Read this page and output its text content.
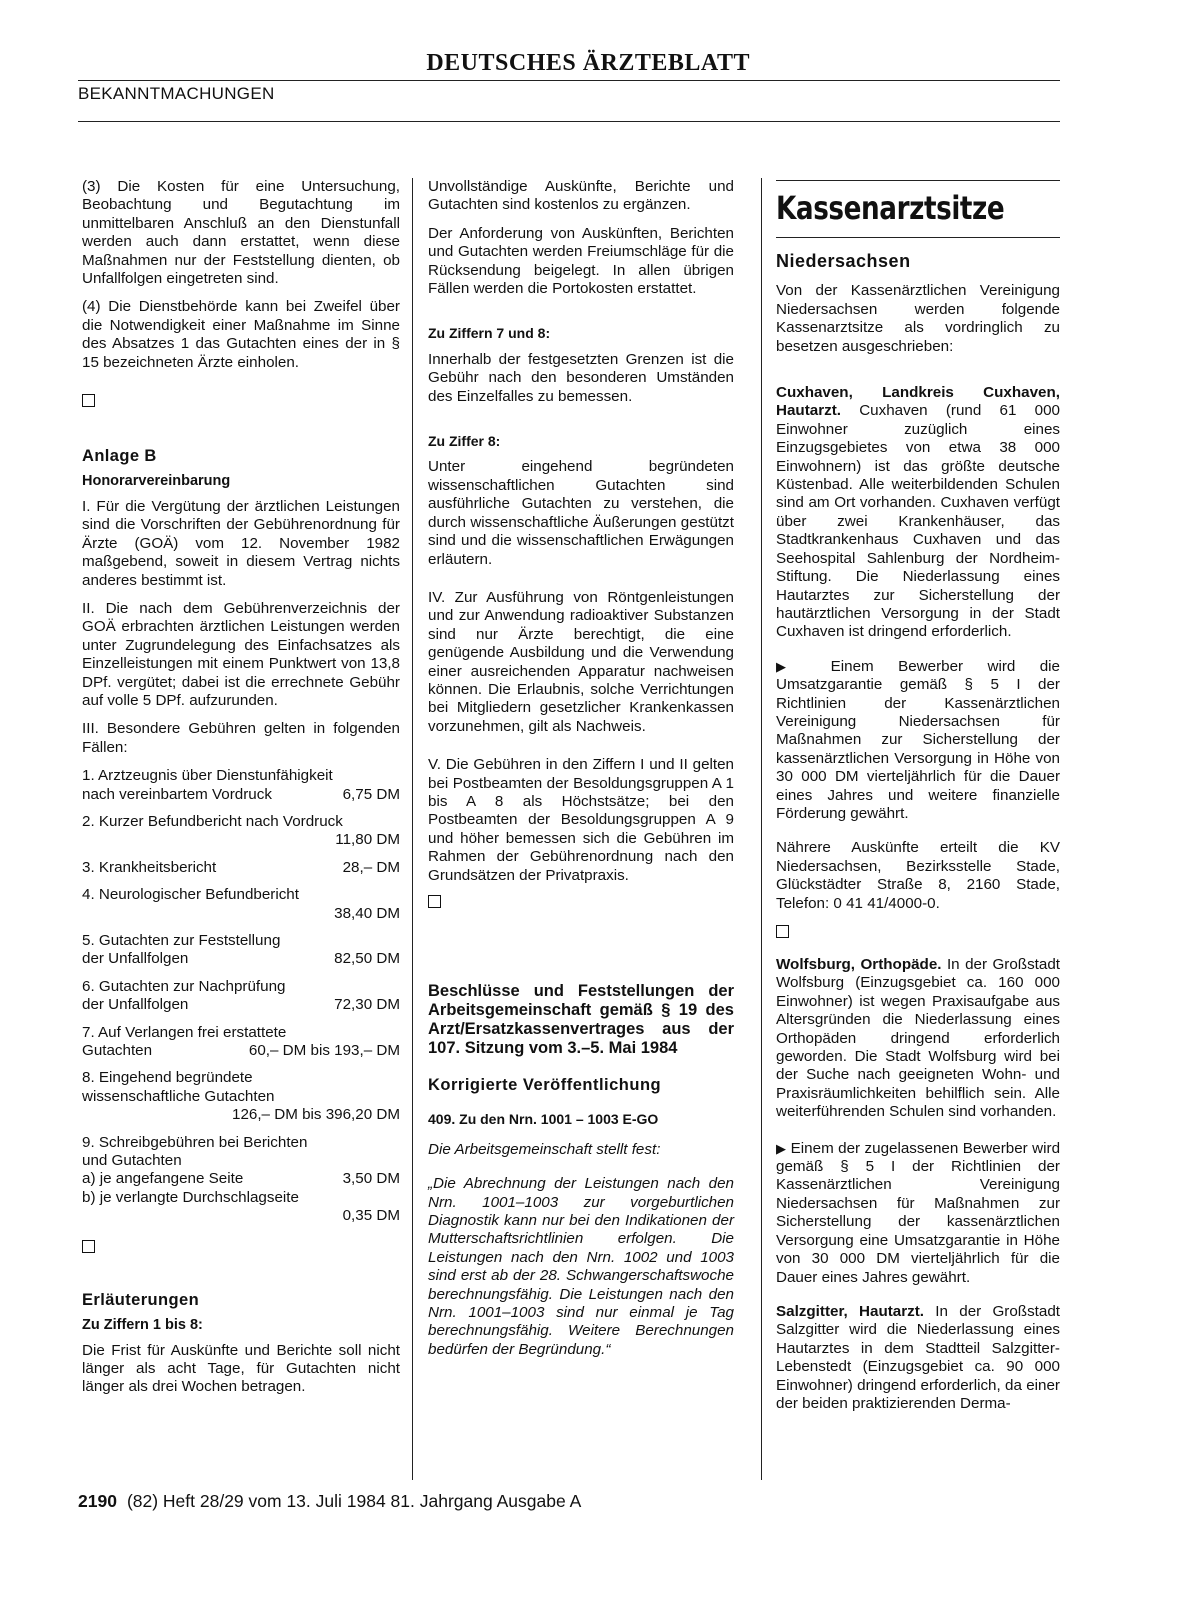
DEUTSCHES ÄRZTEBLATT
BEKANNTMACHUNGEN

(3) Die Kosten für eine Untersuchung, Beobachtung und Begutachtung im unmittelbaren Anschluß an den Dienstunfall werden auch dann erstattet, wenn diese Maßnahmen nur der Feststellung dienten, ob Unfallfolgen eingetreten sind.

(4) Die Dienstbehörde kann bei Zweifel über die Notwendigkeit einer Maßnahme im Sinne des Absatzes 1 das Gutachten eines der in § 15 bezeichneten Ärzte einholen.

Anlage B
Honorarvereinbarung

I. Für die Vergütung der ärztlichen Leistungen sind die Vorschriften der Gebührenordnung für Ärzte (GOÄ) vom 12. November 1982 maßgebend, soweit in diesem Vertrag nichts anderes bestimmt ist.

II. Die nach dem Gebührenverzeichnis der GOÄ erbrachten ärztlichen Leistungen werden unter Zugrundelegung des Einfachsatzes als Einzelleistungen mit einem Punktwert von 13,8 DPf. vergütet; dabei ist die errechnete Gebühr auf volle 5 DPf. aufzurunden.

III. Besondere Gebühren gelten in folgenden Fällen:

1. Arztzeugnis über Dienstunfähigkeit
nach vereinbartem Vordruck	6,75 DM
2. Kurzer Befundbericht nach Vordruck
11,80 DM
3. Krankheitsbericht	28,– DM
4. Neurologischer Befundbericht
38,40 DM
5. Gutachten zur Feststellung
der Unfallfolgen	82,50 DM
6. Gutachten zur Nachprüfung
der Unfallfolgen	72,30 DM
7. Auf Verlangen frei erstattete
Gutachten	60,– DM bis 193,– DM
8. Eingehend begründete
wissenschaftliche Gutachten
126,– DM bis 396,20 DM
9. Schreibgebühren bei Berichten
und Gutachten
a) je angefangene Seite	3,50 DM
b) je verlangte Durchschlagseite
0,35 DM
Erläuterungen
Zu Ziffern 1 bis 8:

Die Frist für Auskünfte und Berichte soll nicht länger als acht Tage, für Gutachten nicht länger als drei Wochen betragen.

Unvollständige Auskünfte, Berichte und Gutachten sind kostenlos zu ergänzen.

Der Anforderung von Auskünften, Berichten und Gutachten werden Freiumschläge für die Rücksendung beigelegt. In allen übrigen Fällen werden die Portokosten erstattet.

Zu Ziffern 7 und 8:

Innerhalb der festgesetzten Grenzen ist die Gebühr nach den besonderen Umständen des Einzelfalles zu bemessen.

Zu Ziffer 8:

Unter eingehend begründeten wissenschaftlichen Gutachten sind ausführliche Gutachten zu verstehen, die durch wissenschaftliche Äußerungen gestützt sind und die wissenschaftlichen Erwägungen erläutern.

IV. Zur Ausführung von Röntgenleistungen und zur Anwendung radioaktiver Substanzen sind nur Ärzte berechtigt, die eine genügende Ausbildung und die Verwendung einer ausreichenden Apparatur nachweisen können. Die Erlaubnis, solche Verrichtungen bei Mitgliedern gesetzlicher Krankenkassen vorzunehmen, gilt als Nachweis.

V. Die Gebühren in den Ziffern I und II gelten bei Postbeamten der Besoldungsgruppen A 1 bis A 8 als Höchstsätze; bei den Postbeamten der Besoldungsgruppen A 9 und höher bemessen sich die Gebühren im Rahmen der Gebührenordnung nach den Grundsätzen der Privatpraxis.

Beschlüsse und Feststellungen der Arbeitsgemeinschaft gemäß § 19 des Arzt/Ersatzkassenvertrages aus der 107. Sitzung vom 3.–5. Mai 1984
Korrigierte Veröffentlichung
409. Zu den Nrn. 1001 – 1003 E-GO

Die Arbeitsgemeinschaft stellt fest:

„Die Abrechnung der Leistungen nach den Nrn. 1001–1003 zur vorgeburtlichen Diagnostik kann nur bei den Indikationen der Mutterschaftsrichtlinien erfolgen. Die Leistungen nach den Nrn. 1002 und 1003 sind erst ab der 28. Schwangerschaftswoche berechnungsfähig. Die Leistungen nach den Nrn. 1001–1003 sind nur einmal je Tag berechnungsfähig. Weitere Berechnungen bedürfen der Begründung.“

Kassenarztsitze
Niedersachsen

Von der Kassenärztlichen Vereinigung Niedersachsen werden folgende Kassenarztsitze als vordringlich zu besetzen ausgeschrieben:

Cuxhaven, Landkreis Cuxhaven, Hautarzt. Cuxhaven (rund 61 000 Einwohner zuzüglich eines Einzugsgebietes von etwa 38 000 Einwohnern) ist das größte deutsche Küstenbad. Alle weiterbildenden Schulen sind am Ort vorhanden. Cuxhaven verfügt über zwei Krankenhäuser, das Stadtkrankenhaus Cuxhaven und das Seehospital Sahlenburg der Nordheim-Stiftung. Die Niederlassung eines Hautarztes zur Sicherstellung der hautärztlichen Versorgung in der Stadt Cuxhaven ist dringend erforderlich.

▶ Einem Bewerber wird die Umsatzgarantie gemäß § 5 I der Richtlinien der Kassenärztlichen Vereinigung Niedersachsen für Maßnahmen zur Sicherstellung der kassenärztlichen Versorgung in Höhe von 30 000 DM vierteljährlich für die Dauer eines Jahres und weitere finanzielle Förderung gewährt.

Nährere Auskünfte erteilt die KV Niedersachsen, Bezirksstelle Stade, Glückstädter Straße 8, 2160 Stade, Telefon: 0 41 41/4000-0.

Wolfsburg, Orthopäde. In der Großstadt Wolfsburg (Einzugsgebiet ca. 160 000 Einwohner) ist wegen Praxisaufgabe aus Altersgründen die Niederlassung eines Orthopäden dringend erforderlich geworden. Die Stadt Wolfsburg wird bei der Suche nach geeigneten Wohn- und Praxisräumlichkeiten behilflich sein. Alle weiterführenden Schulen sind vorhanden.

▶ Einem der zugelassenen Bewerber wird gemäß § 5 I der Richtlinien der Kassenärztlichen Vereinigung Niedersachsen für Maßnahmen zur Sicherstellung der kassenärztlichen Versorgung eine Umsatzgarantie in Höhe von 30 000 DM vierteljährlich für die Dauer eines Jahres gewährt.

Salzgitter, Hautarzt. In der Großstadt Salzgitter wird die Niederlassung eines Hautarztes in dem Stadtteil Salzgitter-Lebenstedt (Einzugsgebiet ca. 90 000 Einwohner) dringend erforderlich, da einer der beiden praktizierenden Derma-

2190 (82) Heft 28/29 vom 13. Juli 1984 81. Jahrgang Ausgabe A
